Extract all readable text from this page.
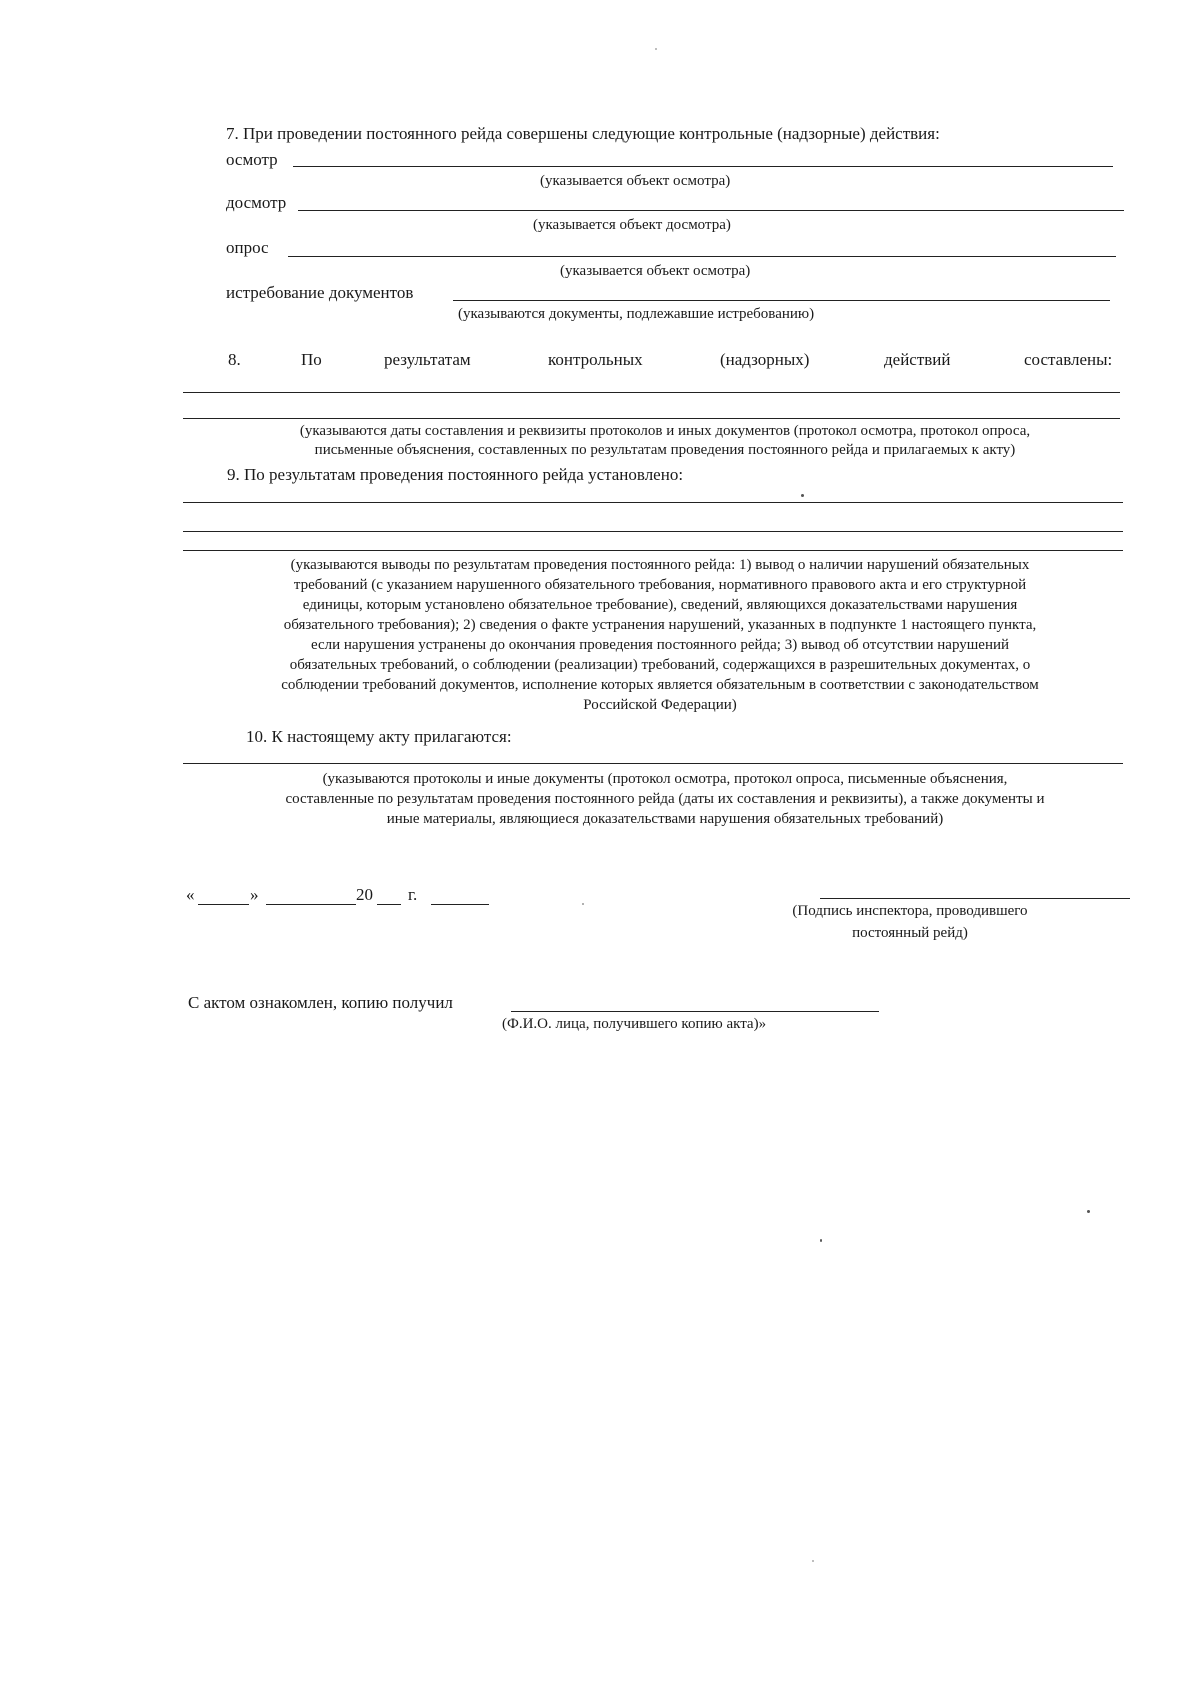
7. При проведении постоянного рейда совершены следующие контрольные (надзорные) действия:
осмотр
(указывается объект осмотра)
досмотр
(указывается объект досмотра)
опрос
(указывается объект осмотра)
истребование документов
(указываются документы, подлежавшие истребованию)
8.	По	результатам	контрольных	(надзорных)	действий	составлены:
(указываются даты составления и реквизиты протоколов и иных документов (протокол осмотра, протокол опроса,
письменные объяснения, составленных по результатам проведения постоянного рейда и прилагаемых к акту)
9. По результатам проведения постоянного рейда установлено:
(указываются выводы по результатам проведения постоянного рейда: 1) вывод о наличии нарушений обязательных
требований (с указанием нарушенного обязательного требования, нормативного правового акта и его структурной
единицы, которым установлено обязательное требование), сведений, являющихся доказательствами нарушения
обязательного требования); 2) сведения о факте устранения нарушений, указанных в подпункте 1 настоящего пункта,
если нарушения устранены до окончания проведения постоянного рейда; 3) вывод об отсутствии нарушений
обязательных требований, о соблюдении (реализации) требований, содержащихся в разрешительных документах, о
соблюдении требований документов, исполнение которых является обязательным в соответствии с законодательством
Российской Федерации)
10. К настоящему акту прилагаются:
(указываются протоколы и иные документы (протокол осмотра, протокол опроса, письменные объяснения,
составленные по результатам проведения постоянного рейда (даты их составления и реквизиты), а также документы и
иные материалы, являющиеся доказательствами нарушения обязательных требований)
«	»	20 г.
(Подпись инспектора, проводившего
постоянный рейд)
С актом ознакомлен, копию получил
(Ф.И.О. лица, получившего копию акта)»
